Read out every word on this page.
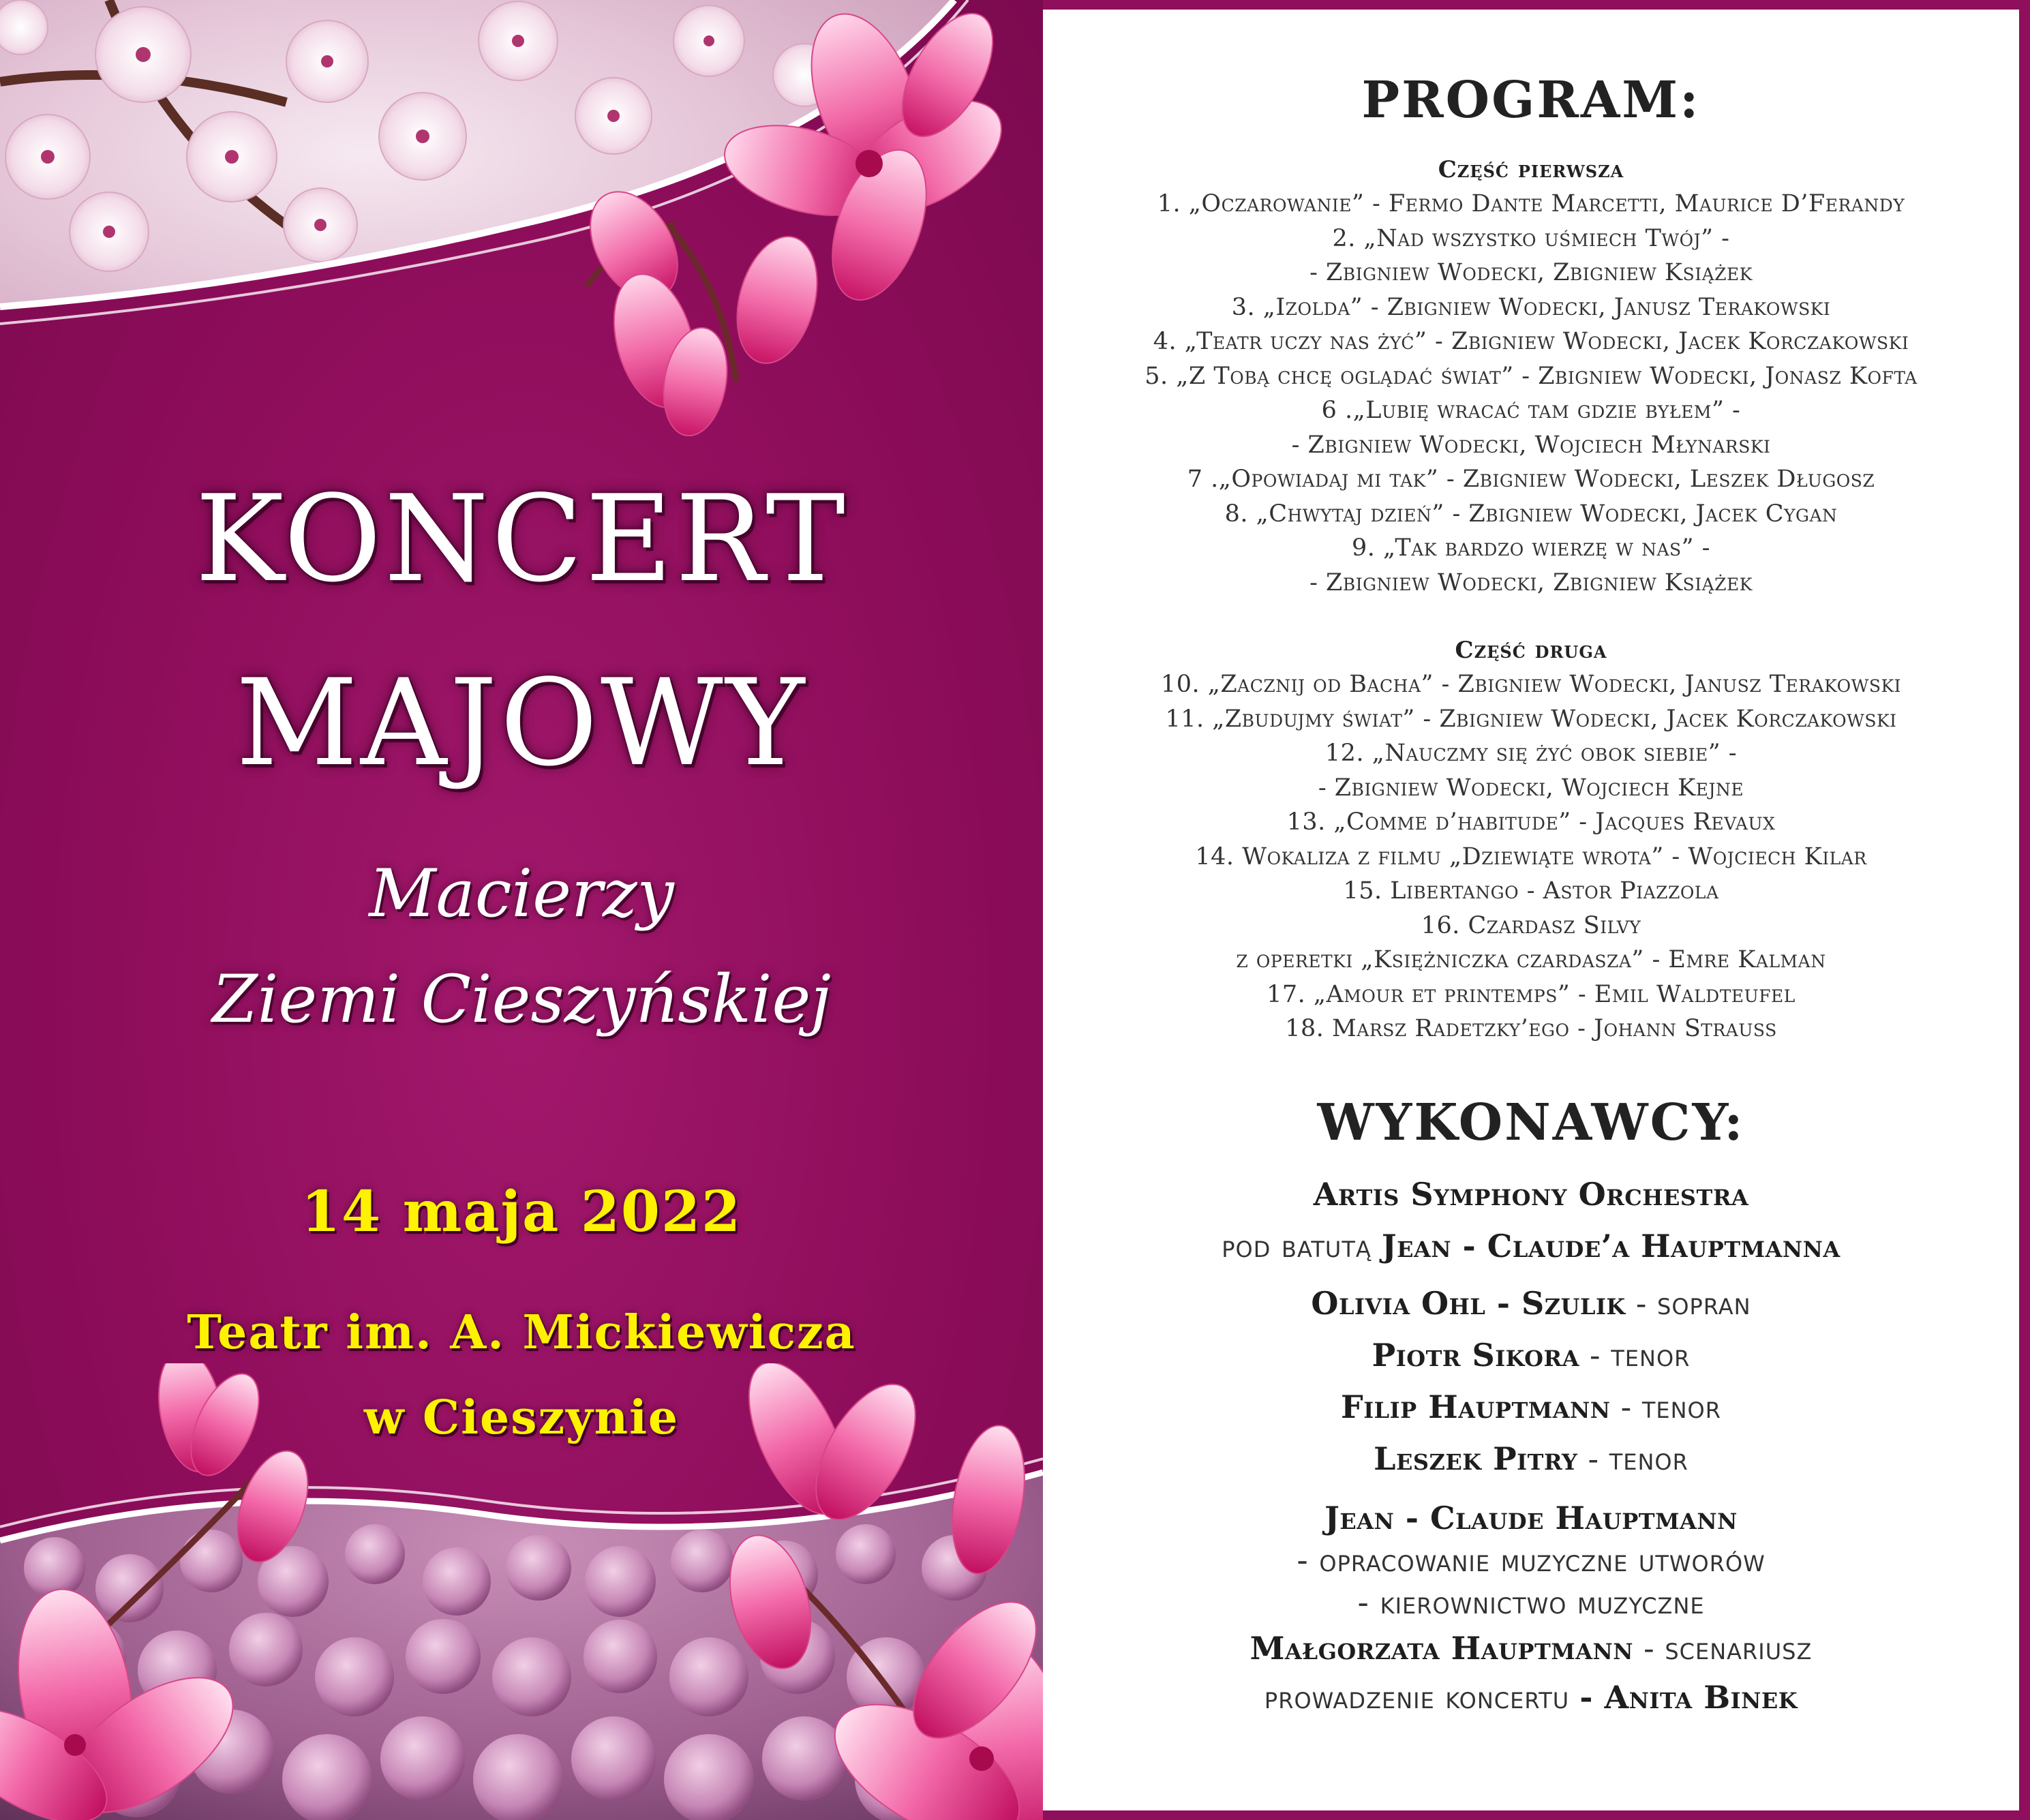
KONCERT
MAJOWY
Macierzy
Ziemi Cieszyńskiej
14 maja 2022
Teatr im. A. Mickiewicza
w Cieszynie
PROGRAM:
Część pierwsza
1. „Oczarowanie” - Fermo Dante Marcetti, Maurice D’Ferandy
2. „Nad wszystko uśmiech Twój” -
- Zbigniew Wodecki, Zbigniew Książek
3. „Izolda” - Zbigniew Wodecki, Janusz Terakowski
4. „Teatr uczy nas żyć” - Zbigniew Wodecki, Jacek Korczakowski
5. „Z Tobą chcę oglądać świat” - Zbigniew Wodecki, Jonasz Kofta
6 .„Lubię wracać tam gdzie byłem” -
- Zbigniew Wodecki, Wojciech Młynarski
7 .„Opowiadaj mi tak” - Zbigniew Wodecki, Leszek Długosz
8. „Chwytaj dzień” - Zbigniew Wodecki, Jacek Cygan
9. „Tak bardzo wierzę w nas” -
- Zbigniew Wodecki, Zbigniew Książek
Część druga
10. „Zacznij od Bacha” - Zbigniew Wodecki, Janusz Terakowski
11. „Zbudujmy świat” - Zbigniew Wodecki, Jacek Korczakowski
12. „Nauczmy się żyć obok siebie” -
- Zbigniew Wodecki, Wojciech Kejne
13. „Comme d’habitude” - Jacques Revaux
14. Wokaliza z filmu „Dziewiąte wrota” - Wojciech Kilar
15. Libertango - Astor Piazzola
16. Czardasz Silvy
z operetki „Księżniczka czardasza” - Emre Kalman
17. „Amour et printemps” - Emil Waldteufel
18. Marsz Radetzky’ego - Johann Strauss
WYKONAWCY:
Artis Symphony Orchestra
pod batutą Jean - Claude’a Hauptmanna
Olivia Ohl - Szulik - sopran
Piotr Sikora - tenor
Filip Hauptmann - tenor
Leszek Pitry - tenor
Jean - Claude Hauptmann
- opracowanie muzyczne utworów
- kierownictwo muzyczne
Małgorzata Hauptmann - scenariusz
prowadzenie koncertu - Anita Binek
